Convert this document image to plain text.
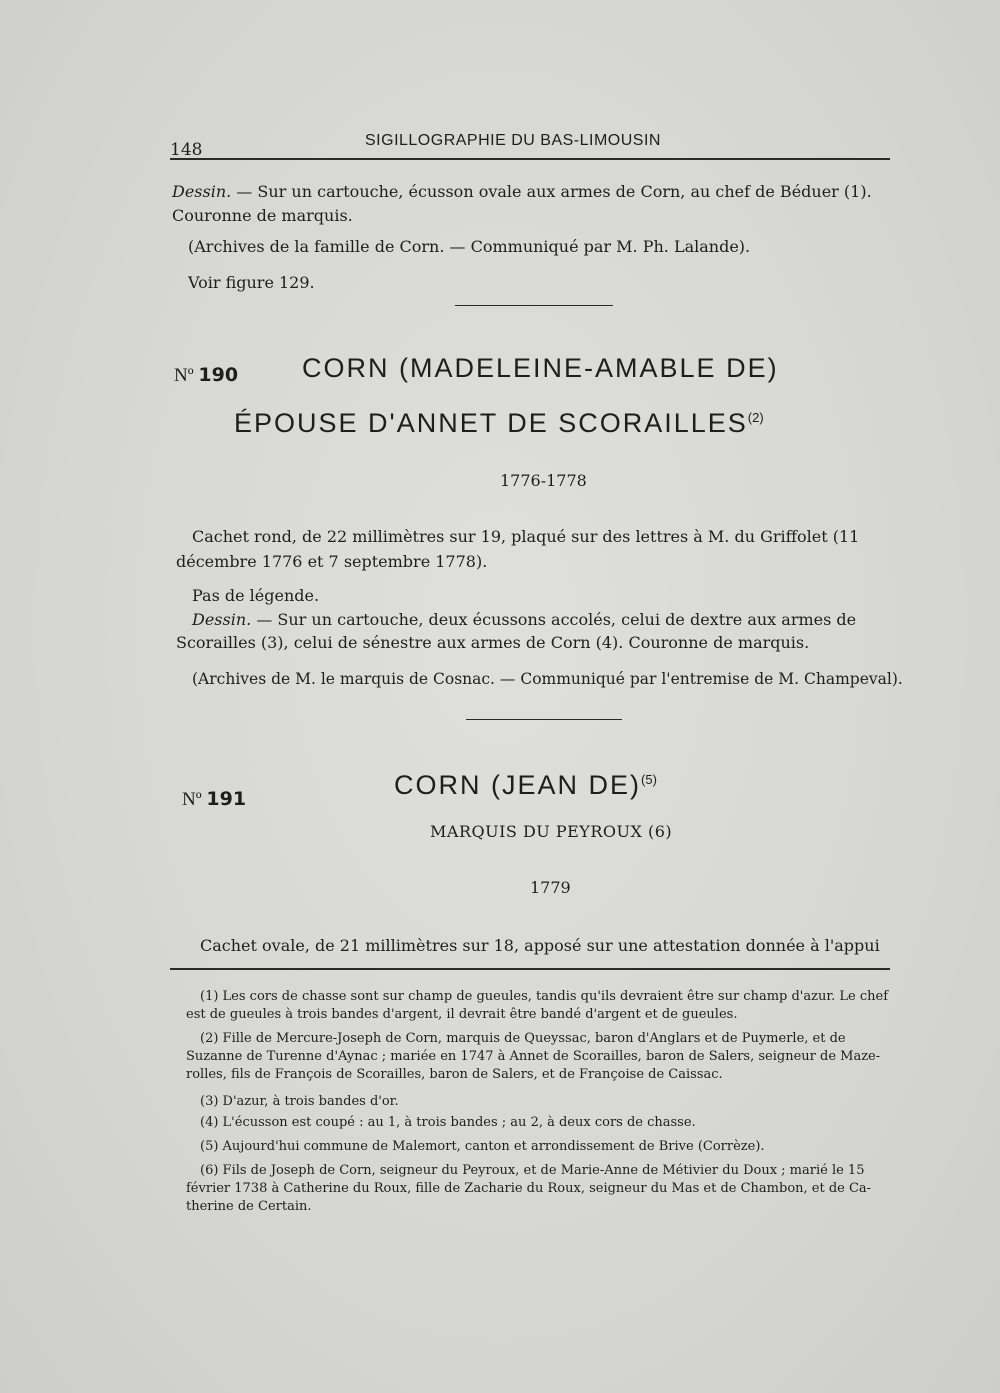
148	SIGILLOGRAPHIE DU BAS-LIMOUSIN

Dessin. — Sur un cartouche, écusson ovale aux armes de Corn, au chef de Béduer (1).

Couronne de marquis.

(Archives de la famille de Corn. — Communiqué par M. Ph. Lalande).

Voir figure 129.

Nº 190 CORN (MADELEINE-AMABLE DE)
ÉPOUSE D'ANNET DE SCORAILLES$^{(2)}$
1776-1778

Cachet rond, de 22 millimètres sur 19, plaqué sur des lettres à M. du Griffolet (11

décembre 1776 et 7 septembre 1778).

Pas de légende.

Dessin. — Sur un cartouche, deux écussons accolés, celui de dextre aux armes de

Scorailles (3), celui de sénestre aux armes de Corn (4). Couronne de marquis.

(Archives de M. le marquis de Cosnac. — Communiqué par l'entremise de M. Champeval).

Nº 191	CORN (JEAN DE)$^{(5)}$
MARQUIS DU PEYROUX (6)
1779

Cachet ovale, de 21 millimètres sur 18, apposé sur une attestation donnée à l'appui

(1) Les cors de chasse sont sur champ de gueules, tandis qu'ils devraient être sur champ d'azur. Le chef

est de gueules à trois bandes d'argent, il devrait être bandé d'argent et de gueules.

(2) Fille de Mercure-Joseph de Corn, marquis de Queyssac, baron d'Anglars et de Puymerle, et de

Suzanne de Turenne d'Aynac ; mariée en 1747 à Annet de Scorailles, baron de Salers, seigneur de Maze-

rolles, fils de François de Scorailles, baron de Salers, et de Françoise de Caissac.

(3) D'azur, à trois bandes d'or.

(4) L'écusson est coupé : au 1, à trois bandes ; au 2, à deux cors de chasse.

(5) Aujourd'hui commune de Malemort, canton et arrondissement de Brive (Corrèze).

(6) Fils de Joseph de Corn, seigneur du Peyroux, et de Marie-Anne de Métivier du Doux ; marié le 15

février 1738 à Catherine du Roux, fille de Zacharie du Roux, seigneur du Mas et de Chambon, et de Ca-

therine de Certain.
